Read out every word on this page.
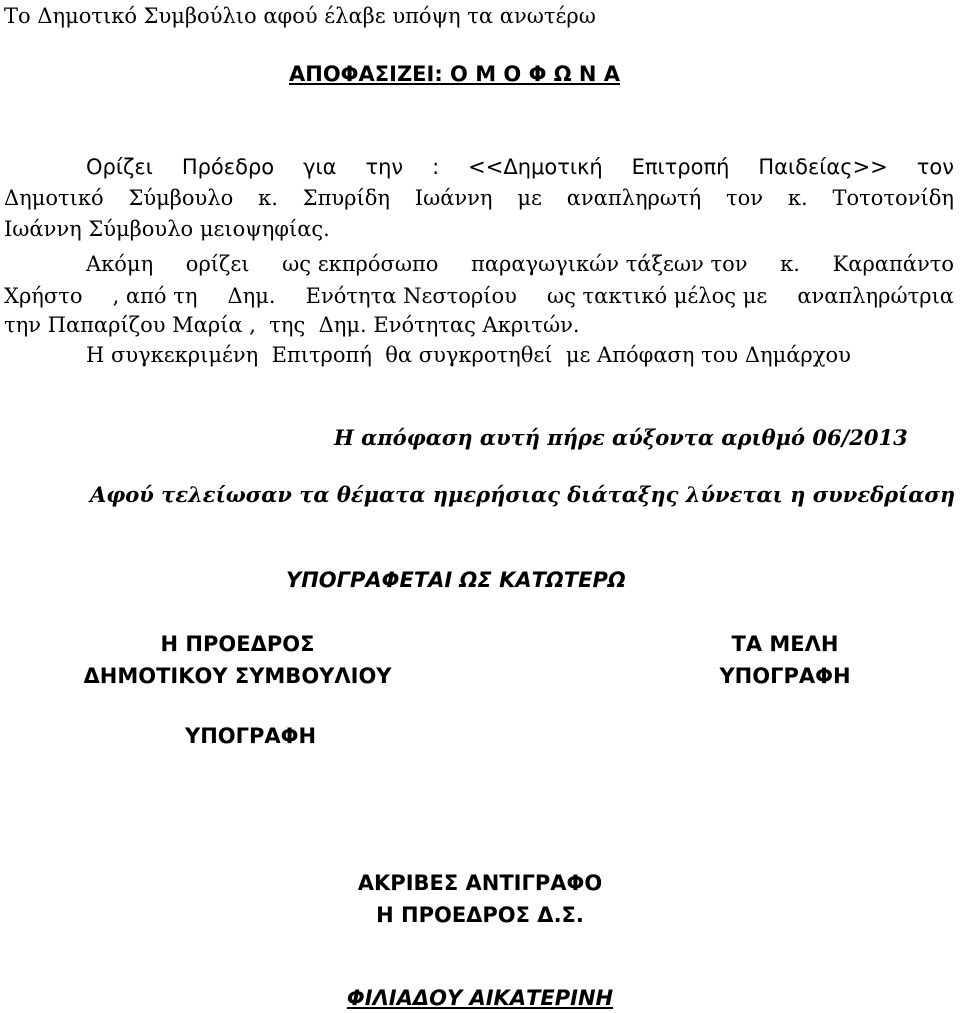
Το Δημοτικό Συμβούλιο αφού έλαβε υπόψη τα ανωτέρω
ΑΠΟΦΑΣΙΖΕΙ: Ο Μ Ο Φ Ω Ν Α
Ορίζει Πρόεδρο για την : <<Δημοτική Επιτροπή Παιδείας>> τον
Δημοτικό Σύμβουλο κ. Σπυρίδη Ιωάννη με αναπληρωτή τον κ. Τοτοτονίδη
Ιωάννη Σύμβουλο μειοψηφίας.
Ακόμη ορίζει ως εκπρόσωπο παραγωγικών τάξεων τον κ. Καραπάντο
Χρήστο , από τη Δημ. Ενότητα Νεστορίου ως τακτικό μέλος με αναπληρώτρια
την Παπαρίζου Μαρία ,  της  Δημ. Ενότητας Ακριτών.
Η συγκεκριμένη  Επιτροπή  θα συγκροτηθεί  με Απόφαση του Δημάρχου
Η απόφαση αυτή πήρε αύξοντα αριθμό 06/2013
Αφού τελείωσαν τα θέματα ημερήσιας διάταξης λύνεται η συνεδρίαση
ΥΠΟΓΡΑΦΕΤΑΙ ΩΣ ΚΑΤΩΤΕΡΩ
Η ΠΡΟΕΔΡΟΣ
ΔΗΜΟΤΙΚΟΥ ΣΥΜΒΟΥΛΙΟΥ
ΥΠΟΓΡΑΦΗ
ΤΑ ΜΕΛΗ
ΥΠΟΓΡΑΦΗ
ΑΚΡΙΒΕΣ ΑΝΤΙΓΡΑΦΟ
Η ΠΡΟΕΔΡΟΣ Δ.Σ.
ΦΙΛΙΑΔΟΥ ΑΙΚΑΤΕΡΙΝΗ
